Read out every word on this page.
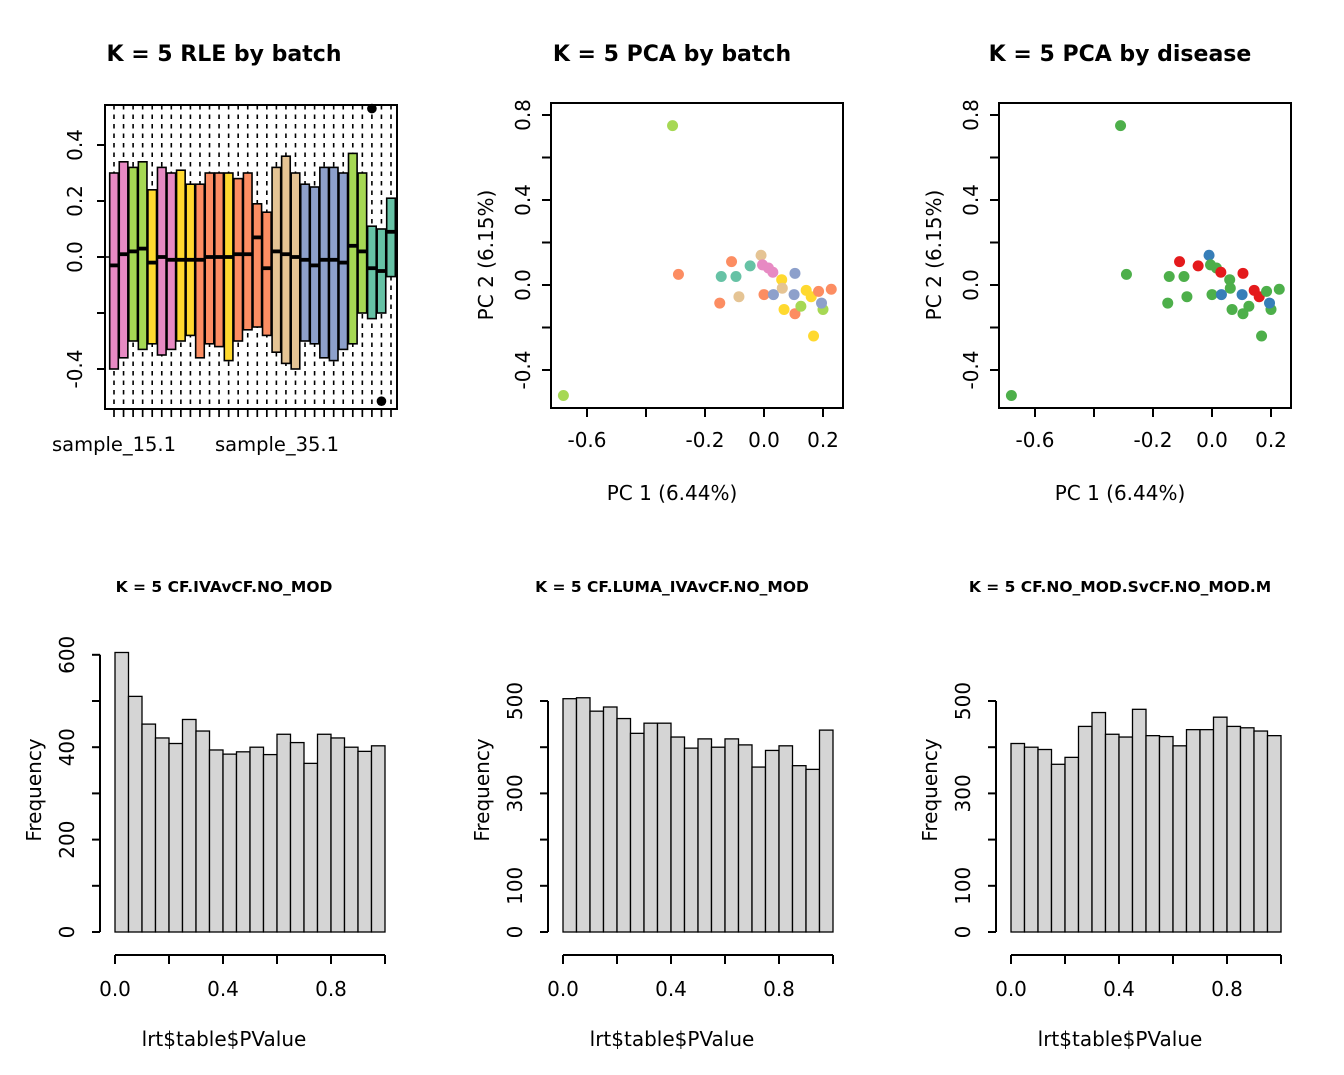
0.4
0.2
0.0
-0.4
K = 5 RLE by batch
sample_15.1 sample_35.1	-0.6	-0.2 0.0 0.2
0.8
0.4
0.0
-0.4
K = 5 PCA by batch
PC 1 (6.44%)
PC 2 (6.15%)
-0.6	-0.2 0.0 0.2
0.8
0.4
0.0
-0.4
K = 5 PCA by disease
PC 1 (6.44%)
PC 2 (6.15%)
0
200
400
600
0.0	0.4	0.8
K = 5 CF.IVAvCF.NO_MOD
lrt$table$PValue
Frequency
0
100
300
500
0.0	0.4	0.8
K = 5 CF.LUMA_IVAvCF.NO_MOD
lrt$table$PValue
Frequency
0
100
300
500
0.0	0.4	0.8
K = 5 CF.NO_MOD.SvCF.NO_MOD.M
lrt$table$PValue
Frequency
